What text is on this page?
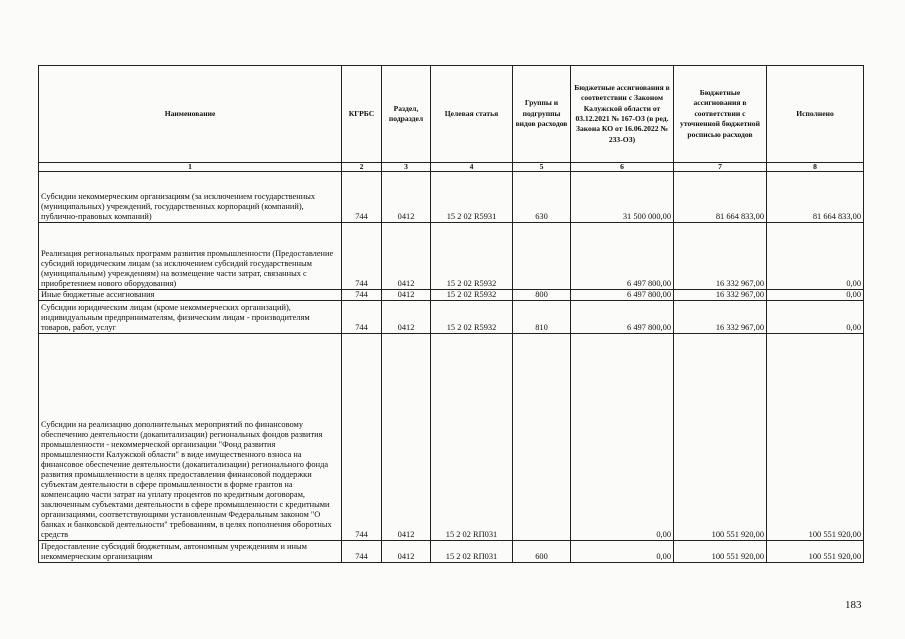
Наименование	КГРБС	Раздел, подраздел	Целевая статья	Группы и подгруппы видов расходов	Бюджетные ассигнования в соответствии с Законом Калужской области от 03.12.2021 № 167-ОЗ (в ред. Закона КО от 16.06.2022 № 233-ОЗ)	Бюджетные ассигнования в соответствии с уточненной бюджетной росписью расходов	Исполнено
1	2	3	4	5	6	7	8
Субсидии некоммерческим организациям (за исключением государственных (муниципальных) учреждений, государственных корпораций (компаний), публично-правовых компаний)	744	0412	15 2 02 R5931	630	31 500 000,00	81 664 833,00	81 664 833,00
Реализация региональных программ развития промышленности (Предоставление субсидий юридическим лицам (за исключением субсидий государственным (муниципальным) учреждениям) на возмещение части затрат, связанных с приобретением нового оборудования)	744	0412	15 2 02 R5932		6 497 800,00	16 332 967,00	0,00
Иные бюджетные ассигнования	744	0412	15 2 02 R5932	800	6 497 800,00	16 332 967,00	0,00
Субсидии юридическим лицам (кроме некоммерческих организаций), индивидуальным предпринимателям, физическим лицам - производителям товаров, работ, услуг	744	0412	15 2 02 R5932	810	6 497 800,00	16 332 967,00	0,00
Субсидии на реализацию дополнительных мероприятий по финансовому обеспечению деятельности (докапитализации) региональных фондов развития промышленности - некоммерческой организации "Фонд развития промышленности Калужской области" в виде имущественного взноса на финансовое обеспечение деятельности (докапитализации) регионального фонда развития промышленности в целях предоставления финансовой поддержки субъектам деятельности в сфере промышленности в форме грантов на компенсацию части затрат на уплату процентов по кредитным договорам, заключенным субъектами деятельности в сфере промышленности с кредитными организациями, соответствующими установленным Федеральным законом "О банках и банковской деятельности" требованиям, в целях пополнения оборотных средств	744	0412	15 2 02 RП031		0,00	100 551 920,00	100 551 920,00
Предоставление субсидий бюджетным, автономным учреждениям и иным некоммерческим организациям	744	0412	15 2 02 RП031	600	0,00	100 551 920,00	100 551 920,00
183
